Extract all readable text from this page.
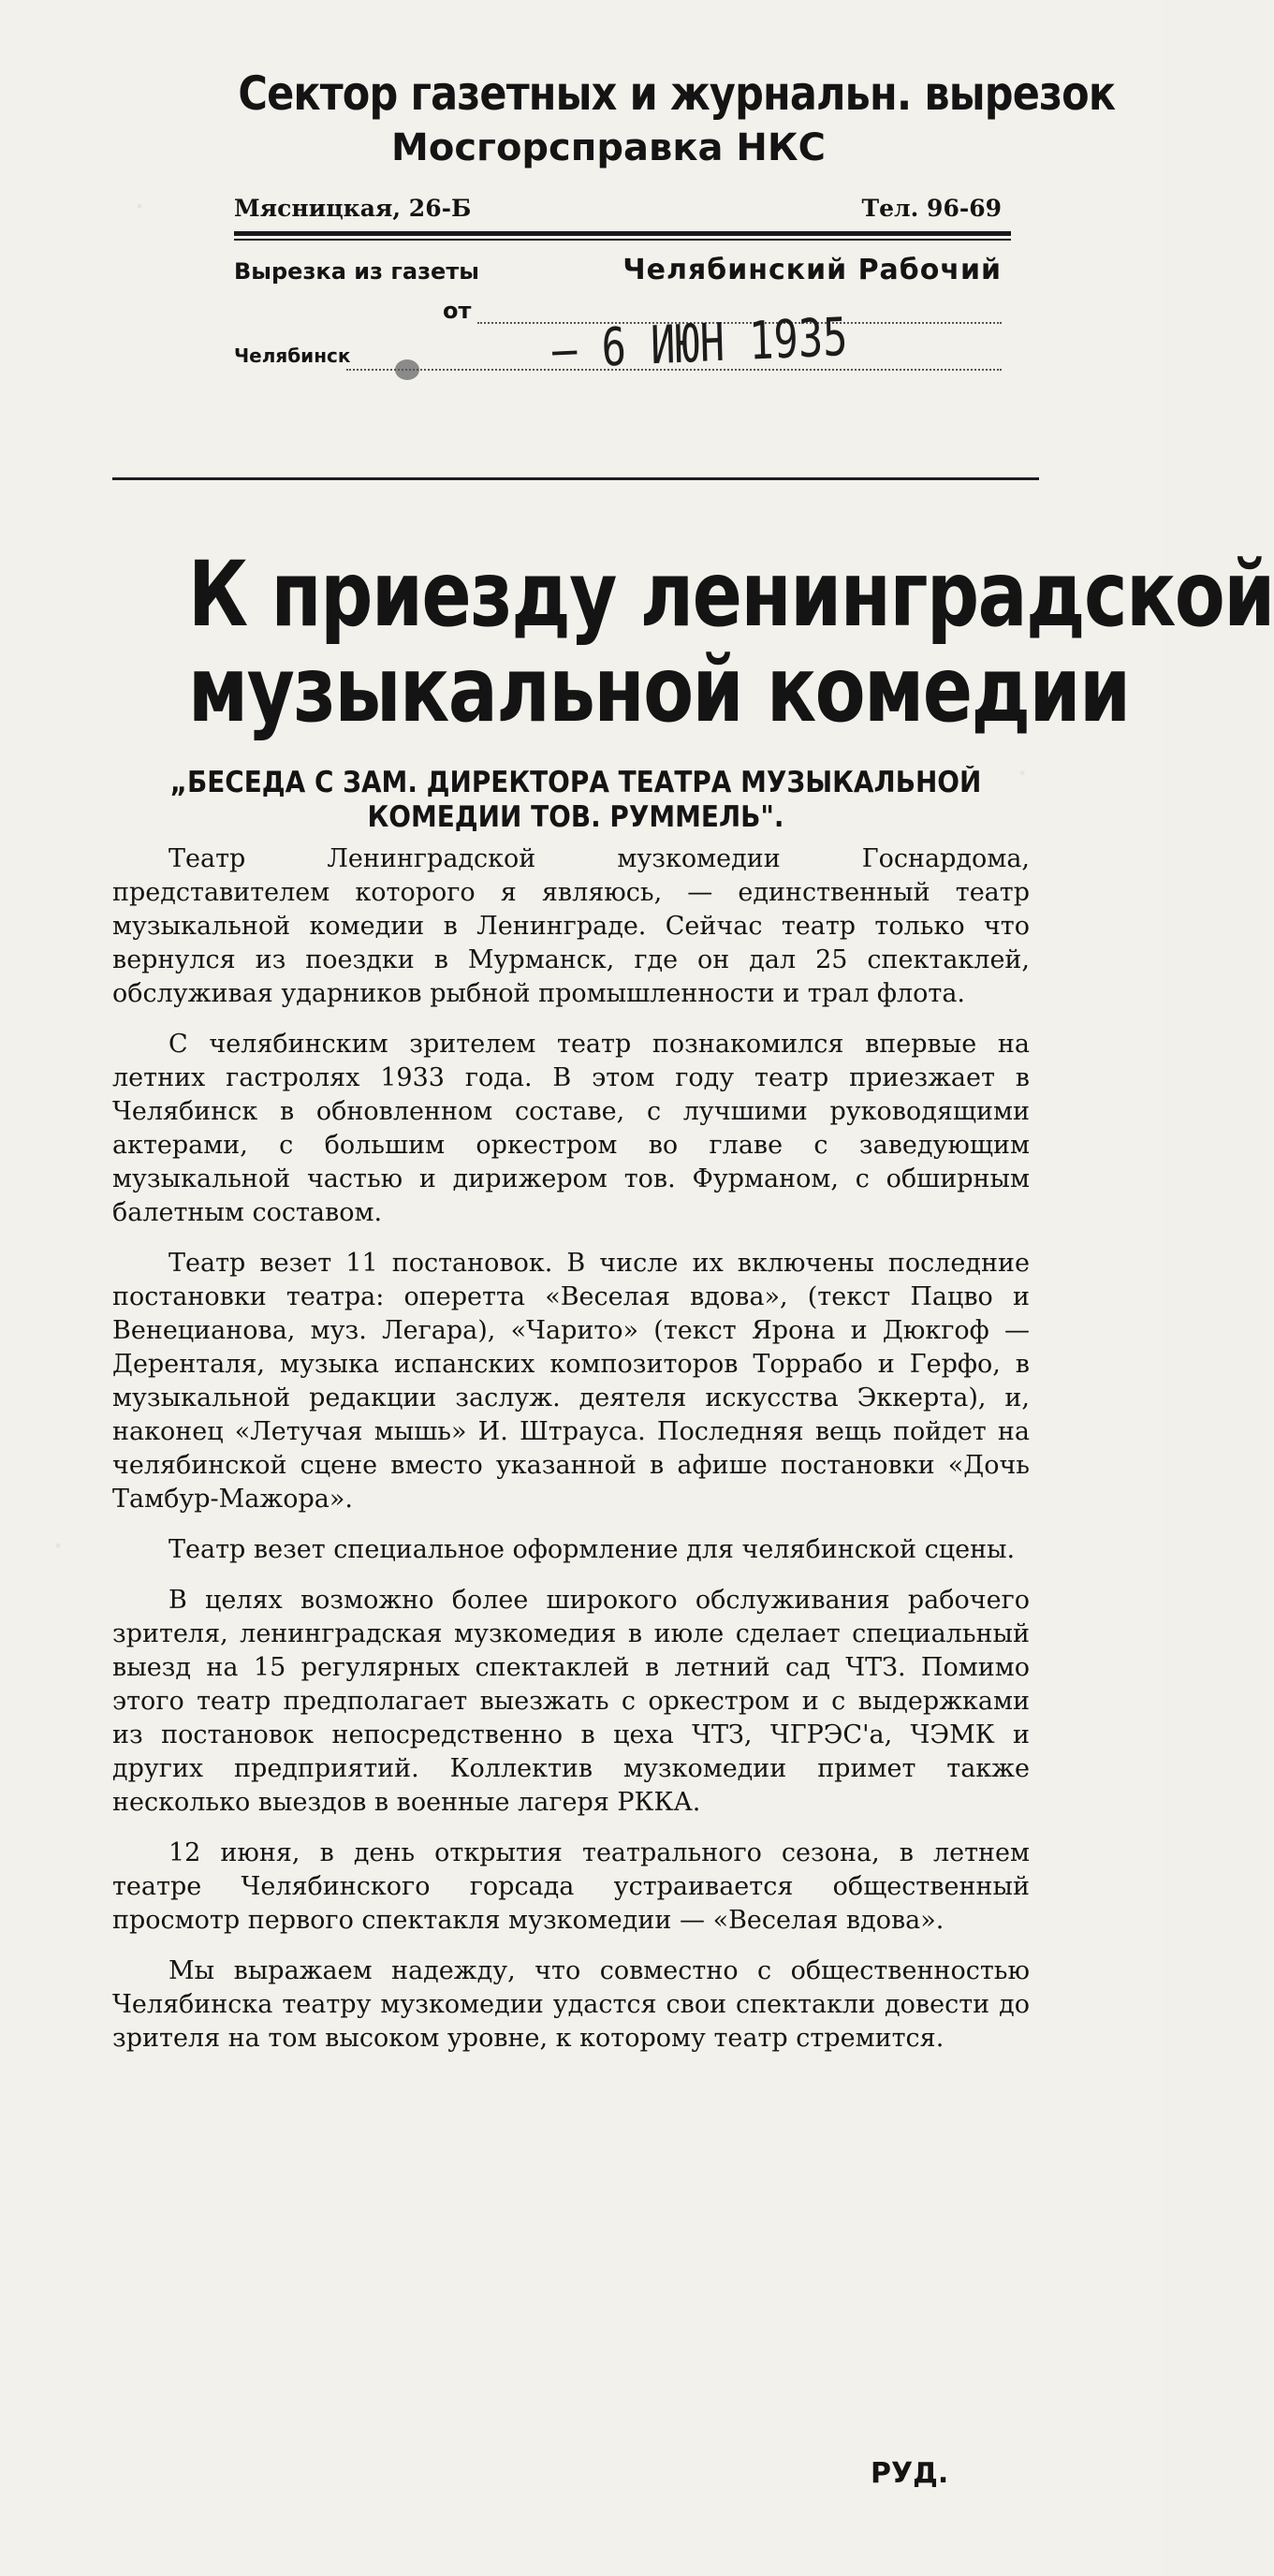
Сектор газетных и журнальн. вырезок
Мосгорсправка НКС
Мясницкая, 26-Б	Тел. 96-69
Вырезка из газеты	Челябинский Рабочий
от
Челябинск	— 6 ИЮН 1935
К приезду ленинградской
музыкальной комедии
„БЕСЕДА С ЗАМ. ДИРЕКТОРА ТЕАТРА МУЗЫКАЛЬНОЙ
КОМЕДИИ ТОВ. РУММЕЛЬ".

Театр Ленинградской музкомедии Госнардома, представителем которого я являюсь, — единственный театр музыкальной комедии в Ленинграде. Сейчас театр только что вернулся из поездки в Мурманск, где он дал 25 спектаклей, обслуживая ударников рыбной промышленности и трал флота.

С челябинским зрителем театр познакомился впервые на летних гастролях 1933 года. В этом году театр приезжает в Челябинск в обновленном составе, с лучшими руководящими актерами, с большим оркестром во главе с заведующим музыкальной частью и дирижером тов. Фурманом, с обширным балетным составом.

Театр везет 11 постановок. В числе их включены последние постановки театра: оперетта «Веселая вдова», (текст Пацво и Венецианова, муз. Легара), «Чарито» (текст Ярона и Дюкгоф — Деренталя, музыка испанских композиторов Торрабо и Герфо, в музыкальной редакции заслуж. деятеля искусства Эккерта), и, наконец «Летучая мышь» И. Штрауса. Последняя вещь пойдет на челябинской сцене вместо указанной в афише постановки «Дочь Тамбур-Мажора».

Театр везет специальное оформление для челябинской сцены.

В целях возможно более широкого обслуживания рабочего зрителя, ленинградская музкомедия в июле сделает специальный выезд на 15 регулярных спектаклей в летний сад ЧТЗ. Помимо этого театр предполагает выезжать с оркестром и с выдержками из постановок непосредственно в цеха ЧТЗ, ЧГРЭС'а, ЧЭМК и других предприятий. Коллектив музкомедии примет также несколько выездов в военные лагеря РККА.

12 июня, в день открытия театрального сезона, в летнем театре Челябинского горсада устраивается общественный просмотр первого спектакля музкомедии — «Веселая вдова».

Мы выражаем надежду, что совместно с общественностью Челябинска театру музкомедии удастся свои спектакли довести до зрителя на том высоком уровне, к которому театр стремится.

РУД.
